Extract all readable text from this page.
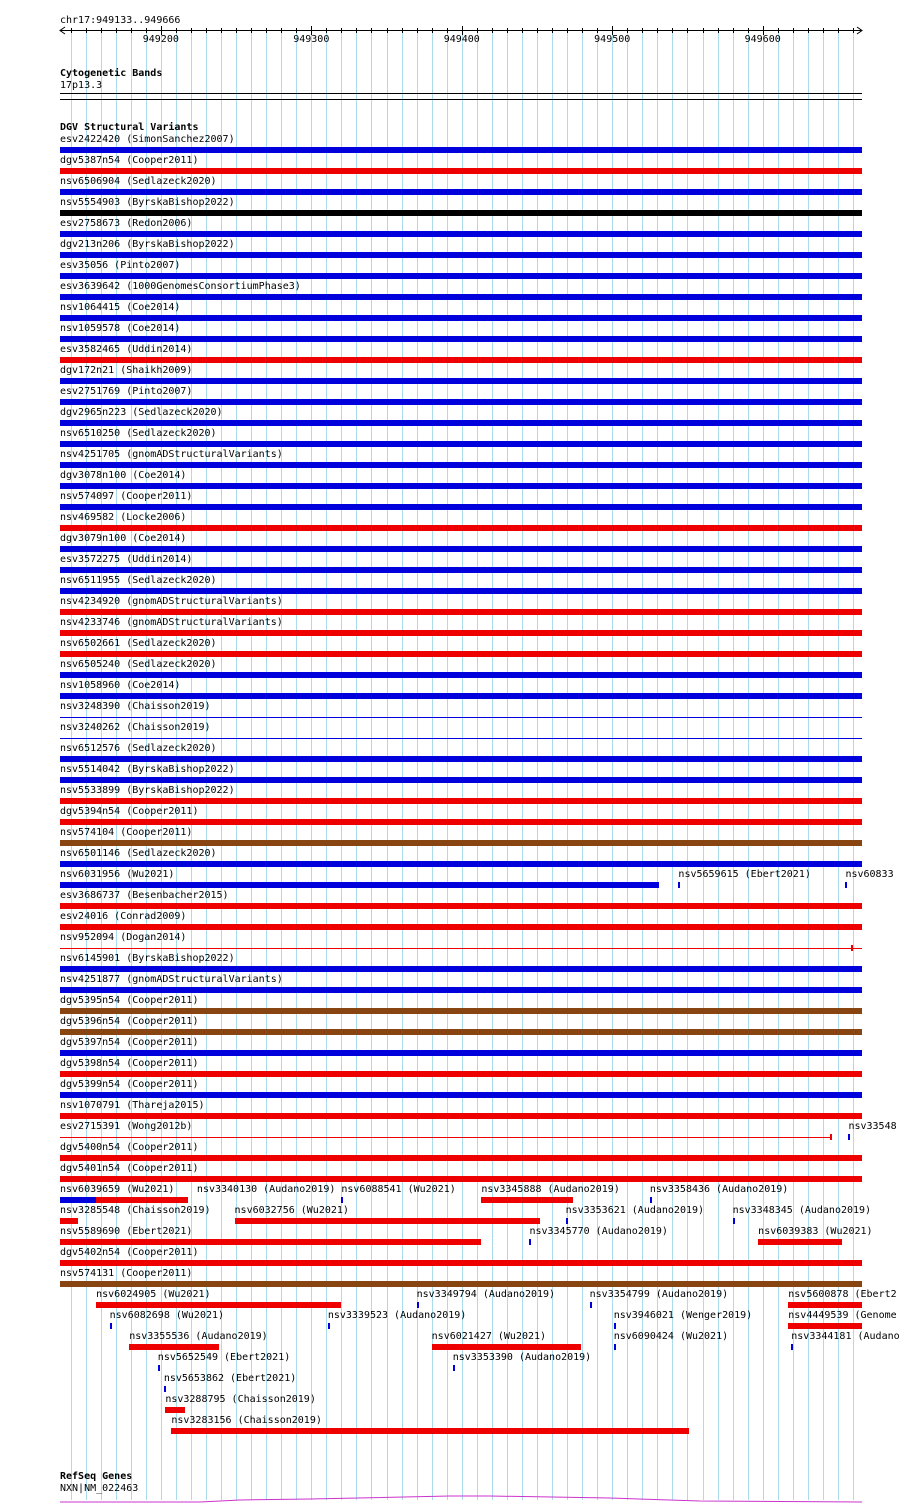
chr17:949133..949666
949200	949300	949400	949500	949600
Cytogenetic Bands
17p13.3
DGV Structural Variants
esv2422420 (SimonSanchez2007)
dgv5387n54 (Cooper2011)
nsv6506904 (Sedlazeck2020)
nsv5554903 (ByrskaBishop2022)
esv2758673 (Redon2006)
dgv213n206 (ByrskaBishop2022)
esv35056 (Pinto2007)
esv3639642 (1000GenomesConsortiumPhase3)
nsv1064415 (Coe2014)
nsv1059578 (Coe2014)
esv3582465 (Uddin2014)
dgv172n21 (Shaikh2009)
esv2751769 (Pinto2007)
dgv2965n223 (Sedlazeck2020)
nsv6510250 (Sedlazeck2020)
nsv4251705 (gnomADStructuralVariants)
dgv3078n100 (Coe2014)
nsv574097 (Cooper2011)
nsv469582 (Locke2006)
dgv3079n100 (Coe2014)
esv3572275 (Uddin2014)
nsv6511955 (Sedlazeck2020)
nsv4234920 (gnomADStructuralVariants)
nsv4233746 (gnomADStructuralVariants)
nsv6502661 (Sedlazeck2020)
nsv6505240 (Sedlazeck2020)
nsv1058960 (Coe2014)
nsv3248390 (Chaisson2019)
nsv3240262 (Chaisson2019)
nsv6512576 (Sedlazeck2020)
nsv5514042 (ByrskaBishop2022)
nsv5533899 (ByrskaBishop2022)
dgv5394n54 (Cooper2011)
nsv574104 (Cooper2011)
nsv6501146 (Sedlazeck2020)
nsv6031956 (Wu2021)	nsv5659615 (Ebert2021)	nsv60833
esv3686737 (Besenbacher2015)
esv24016 (Conrad2009)
nsv952094 (Dogan2014)
nsv6145901 (ByrskaBishop2022)
nsv4251877 (gnomADStructuralVariants)
dgv5395n54 (Cooper2011)
dgv5396n54 (Cooper2011)
dgv5397n54 (Cooper2011)
dgv5398n54 (Cooper2011)
dgv5399n54 (Cooper2011)
nsv1070791 (Thareja2015)
esv2715391 (Wong2012b)	nsv33548
dgv5400n54 (Cooper2011)
dgv5401n54 (Cooper2011)
nsv6039659 (Wu2021) nsv3340130 (Audano2019) nsv6088541 (Wu2021)	nsv3345888 (Audano2019)	nsv3358436 (Audano2019)
nsv3285548 (Chaisson2019) nsv6032756 (Wu2021)	nsv3353621 (Audano2019)	nsv3348345 (Audano2019)
nsv5589690 (Ebert2021)	nsv3345770 (Audano2019)	nsv6039383 (Wu2021)
dgv5402n54 (Cooper2011)
nsv574131 (Cooper2011)
nsv6024905 (Wu2021)	nsv3349794 (Audano2019)	nsv3354799 (Audano2019)	nsv5600878 (Ebert2
nsv6082698 (Wu2021)	nsv3339523 (Audano2019)	nsv3946021 (Wenger2019)	nsv4449539 (Genome
nsv3355536 (Audano2019)	nsv6021427 (Wu2021)	nsv6090424 (Wu2021)	nsv3344181 (Audano
nsv5652549 (Ebert2021)	nsv3353390 (Audano2019)
nsv5653862 (Ebert2021)
nsv3288795 (Chaisson2019)
nsv3283156 (Chaisson2019)
RefSeq Genes
NXN|NM_022463
